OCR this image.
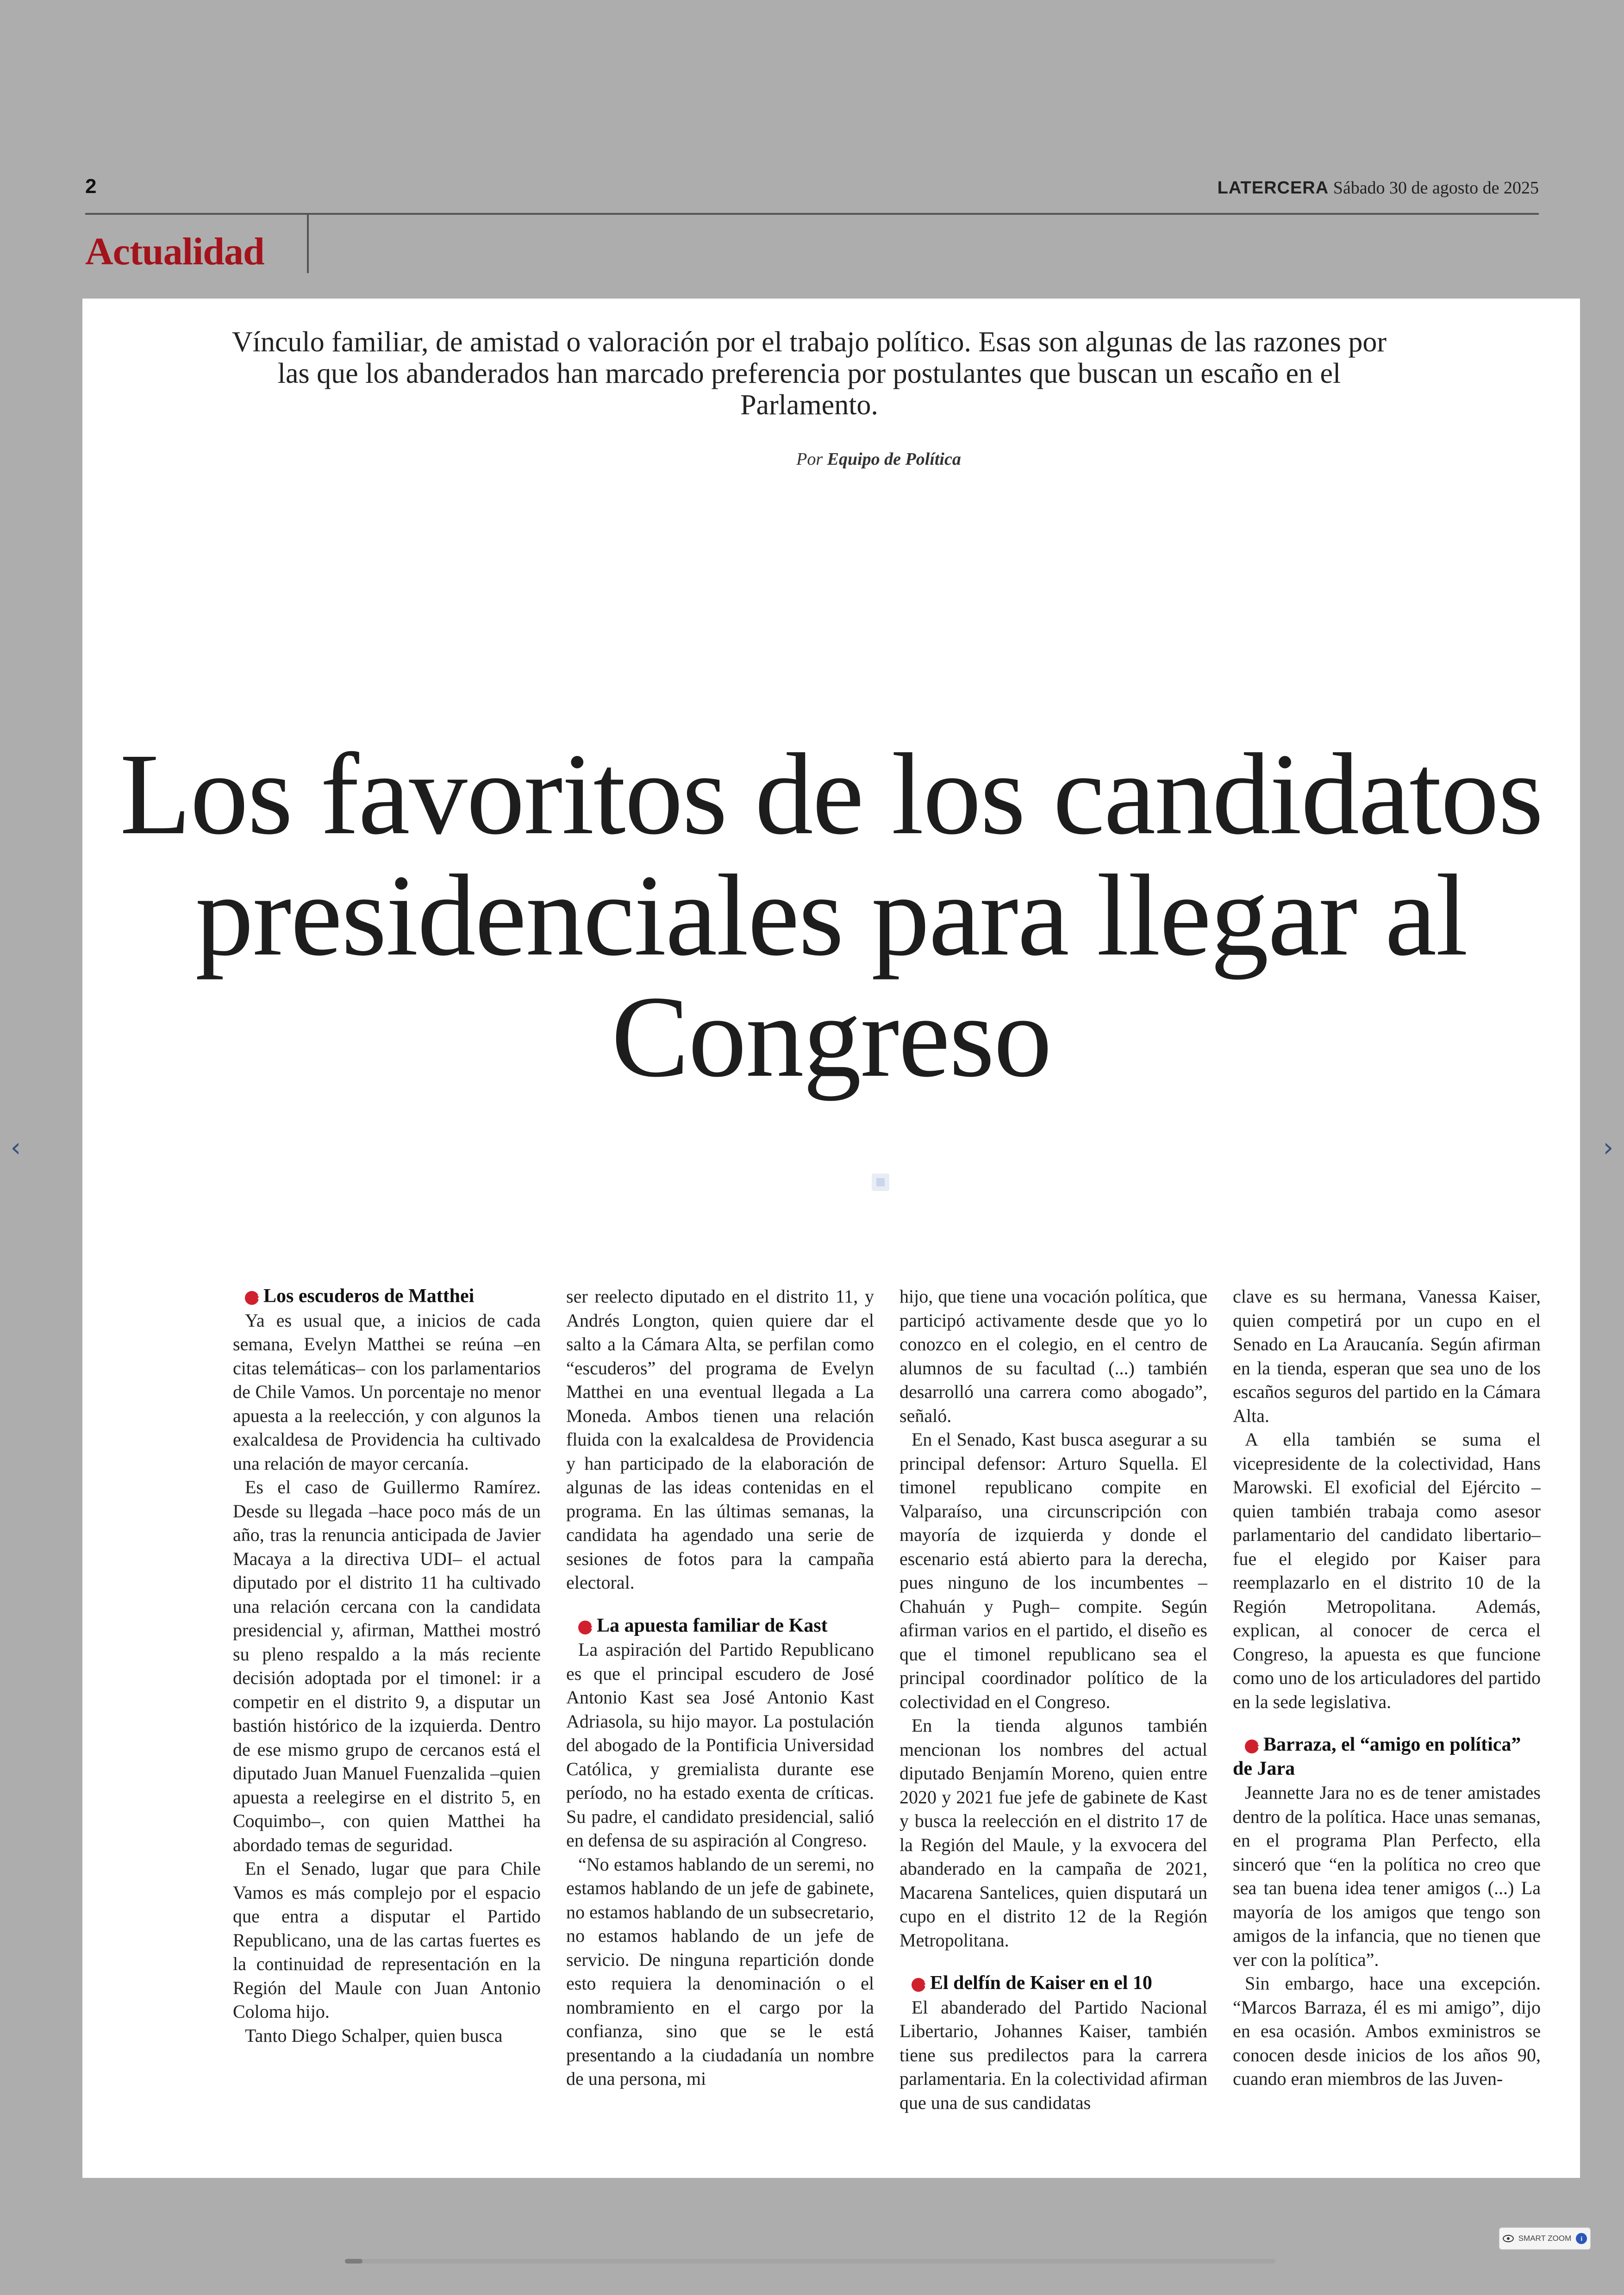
2	LATERCERA Sábado 30 de agosto de 2025
Actualidad
‹	›
Vínculo familiar, de amistad o valoración por el trabajo político. Esas son algunas de las razones por las que los abanderados han marcado preferencia por postulantes que buscan un escaño en el Parlamento.
Por Equipo de Política
Los favoritos de los candidatos presidenciales para llegar al Congreso

✱Los escuderos de Matthei

Ya es usual que, a inicios de cada semana, Evelyn Matthei se reúna –en citas telemáticas– con los parlamentarios de Chile Vamos. Un porcentaje no menor apuesta a la reelección, y con algunos la exalcaldesa de Providencia ha cultivado una relación de mayor cercanía.

Es el caso de Guillermo Ramírez. Desde su llegada –hace poco más de un año, tras la renuncia anticipada de Javier Macaya a la directiva UDI– el actual diputado por el distrito 11 ha cultivado una relación cercana con la candidata presidencial y, afirman, Matthei mostró su pleno respaldo a la más reciente decisión adoptada por el timonel: ir a competir en el distrito 9, a disputar un bastión histórico de la izquierda. Dentro de ese mismo grupo de cercanos está el diputado Juan Manuel Fuenzalida –quien apuesta a reelegirse en el distrito 5, en Coquimbo–, con quien Matthei ha abordado temas de seguridad.

En el Senado, lugar que para Chile Vamos es más complejo por el espacio que entra a disputar el Partido Republicano, una de las cartas fuertes es la continuidad de representación en la Región del Maule con Juan Antonio Coloma hijo.

Tanto Diego Schalper, quien busca

ser reelecto diputado en el distrito 11, y Andrés Longton, quien quiere dar el salto a la Cámara Alta, se perfilan como “escuderos” del programa de Evelyn Matthei en una eventual llegada a La Moneda. Ambos tienen una relación fluida con la exalcaldesa de Providencia y han participado de la elaboración de algunas de las ideas contenidas en el programa. En las últimas semanas, la candidata ha agendado una serie de sesiones de fotos para la campaña electoral.

✱La apuesta familiar de Kast

La aspiración del Partido Republicano es que el principal escudero de José Antonio Kast sea José Antonio Kast Adriasola, su hijo mayor. La postulación del abogado de la Pontificia Universidad Católica, y gremialista durante ese período, no ha estado exenta de críticas. Su padre, el candidato presidencial, salió en defensa de su aspiración al Congreso.

“No estamos hablando de un seremi, no estamos hablando de un jefe de gabinete, no estamos hablando de un subsecretario, no estamos hablando de un jefe de servicio. De ninguna repartición donde esto requiera la denominación o el nombramiento en el cargo por la confianza, sino que se le está presentando a la ciudadanía un nombre de una persona, mi

hijo, que tiene una vocación política, que participó activamente desde que yo lo conozco en el colegio, en el centro de alumnos de su facultad (...) también desarrolló una carrera como abogado”, señaló.

En el Senado, Kast busca asegurar a su principal defensor: Arturo Squella. El timonel republicano compite en Valparaíso, una circunscripción con mayoría de izquierda y donde el escenario está abierto para la derecha, pues ninguno de los incumbentes –Chahuán y Pugh– compite. Según afirman varios en el partido, el diseño es que el timonel republicano sea el principal coordinador político de la colectividad en el Congreso.

En la tienda algunos también mencionan los nombres del actual diputado Benjamín Moreno, quien entre 2020 y 2021 fue jefe de gabinete de Kast y busca la reelección en el distrito 17 de la Región del Maule, y la exvocera del abanderado en la campaña de 2021, Macarena Santelices, quien disputará un cupo en el distrito 12 de la Región Metropolitana.

✱El delfín de Kaiser en el 10

El abanderado del Partido Nacional Libertario, Johannes Kaiser, también tiene sus predilectos para la carrera parlamentaria. En la colectividad afirman que una de sus candidatas

clave es su hermana, Vanessa Kaiser, quien competirá por un cupo en el Senado en La Araucanía. Según afirman en la tienda, esperan que sea uno de los escaños seguros del partido en la Cámara Alta.

A ella también se suma el vicepresidente de la colectividad, Hans Marowski. El exoficial del Ejército –quien también trabaja como asesor parlamentario del candidato libertario– fue el elegido por Kaiser para reemplazarlo en el distrito 10 de la Región Metropolitana. Además, explican, al conocer de cerca el Congreso, la apuesta es que funcione como uno de los articuladores del partido en la sede legislativa.

✱Barraza, el “amigo en política” de Jara

Jeannette Jara no es de tener amistades dentro de la política. Hace unas semanas, en el programa Plan Perfecto, ella sinceró que “en la política no creo que sea tan buena idea tener amigos (...) La mayoría de los amigos que tengo son amigos de la infancia, que no tienen que ver con la política”.

Sin embargo, hace una excepción. “Marcos Barraza, él es mi amigo”, dijo en esa ocasión. Ambos exministros se conocen desde inicios de los años 90, cuando eran miembros de las Juven-

SMART ZOOM	i
